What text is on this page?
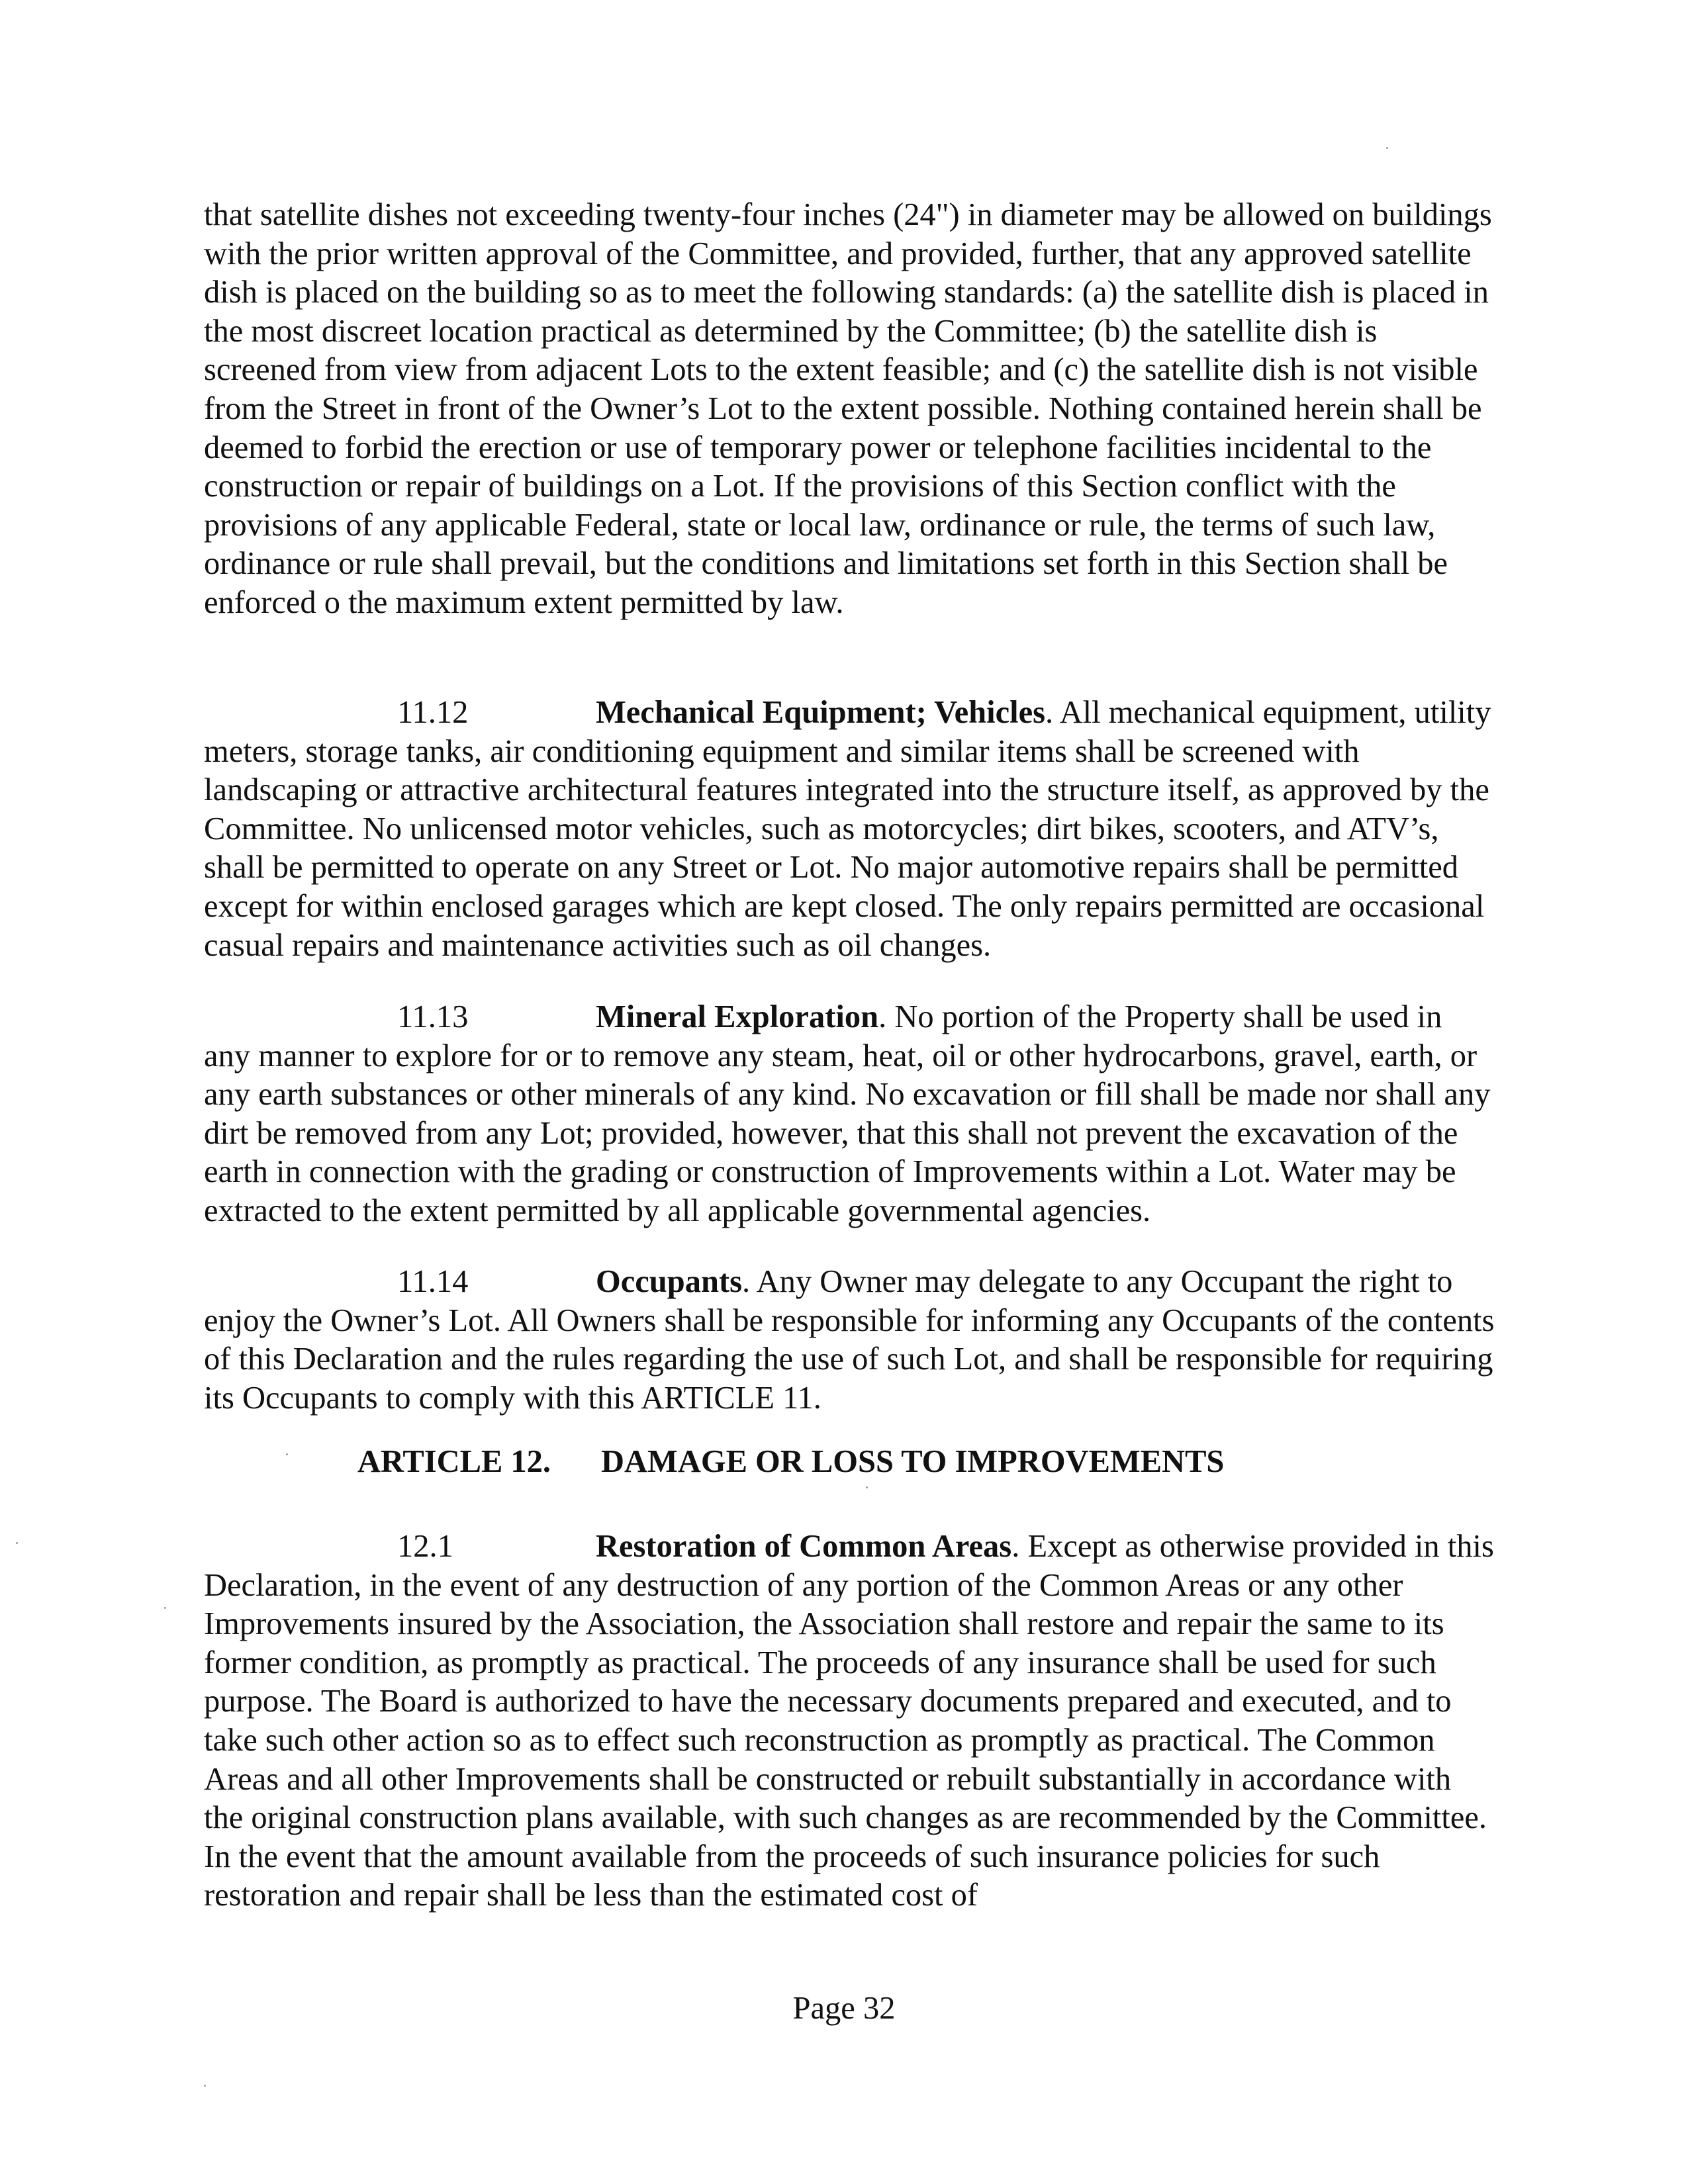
that satellite dishes not exceeding twenty-four inches (24") in diameter may be allowed on buildings with the prior written approval of the Committee, and provided, further, that any approved satellite dish is placed on the building so as to meet the following standards: (a) the satellite dish is placed in the most discreet location practical as determined by the Committee; (b) the satellite dish is screened from view from adjacent Lots to the extent feasible; and (c) the satellite dish is not visible from the Street in front of the Owner’s Lot to the extent possible. Nothing contained herein shall be deemed to forbid the erection or use of temporary power or telephone facilities incidental to the construction or repair of buildings on a Lot. If the provisions of this Section conflict with the provisions of any applicable Federal, state or local law, ordinance or rule, the terms of such law, ordinance or rule shall prevail, but the conditions and limitations set forth in this Section shall be enforced o the maximum extent permitted by law.

11.12	Mechanical Equipment; Vehicles. All mechanical equipment, utility meters, storage tanks, air conditioning equipment and similar items shall be screened with landscaping or attractive architectural features integrated into the structure itself, as approved by the Committee. No unlicensed motor vehicles, such as motorcycles; dirt bikes, scooters, and ATV’s, shall be permitted to operate on any Street or Lot. No major automotive repairs shall be permitted except for within enclosed garages which are kept closed. The only repairs permitted are occasional casual repairs and maintenance activities such as oil changes.

11.13	Mineral Exploration. No portion of the Property shall be used in any manner to explore for or to remove any steam, heat, oil or other hydrocarbons, gravel, earth, or any earth substances or other minerals of any kind. No excavation or fill shall be made nor shall any dirt be removed from any Lot; provided, however, that this shall not prevent the excavation of the earth in connection with the grading or construction of Improvements within a Lot. Water may be extracted to the extent permitted by all applicable governmental agencies.

11.14	Occupants. Any Owner may delegate to any Occupant the right to enjoy the Owner’s Lot. All Owners shall be responsible for informing any Occupants of the contents of this Declaration and the rules regarding the use of such Lot, and shall be responsible for requiring its Occupants to comply with this ARTICLE 11.

ARTICLE 12. DAMAGE OR LOSS TO IMPROVEMENTS

12.1	Restoration of Common Areas. Except as otherwise provided in this Declaration, in the event of any destruction of any portion of the Common Areas or any other Improvements insured by the Association, the Association shall restore and repair the same to its former condition, as promptly as practical. The proceeds of any insurance shall be used for such purpose. The Board is authorized to have the necessary documents prepared and executed, and to take such other action so as to effect such reconstruction as promptly as practical. The Common Areas and all other Improvements shall be constructed or rebuilt substantially in accordance with the original construction plans available, with such changes as are recommended by the Committee. In the event that the amount available from the proceeds of such insurance policies for such restoration and repair shall be less than the estimated cost of

Page 32
